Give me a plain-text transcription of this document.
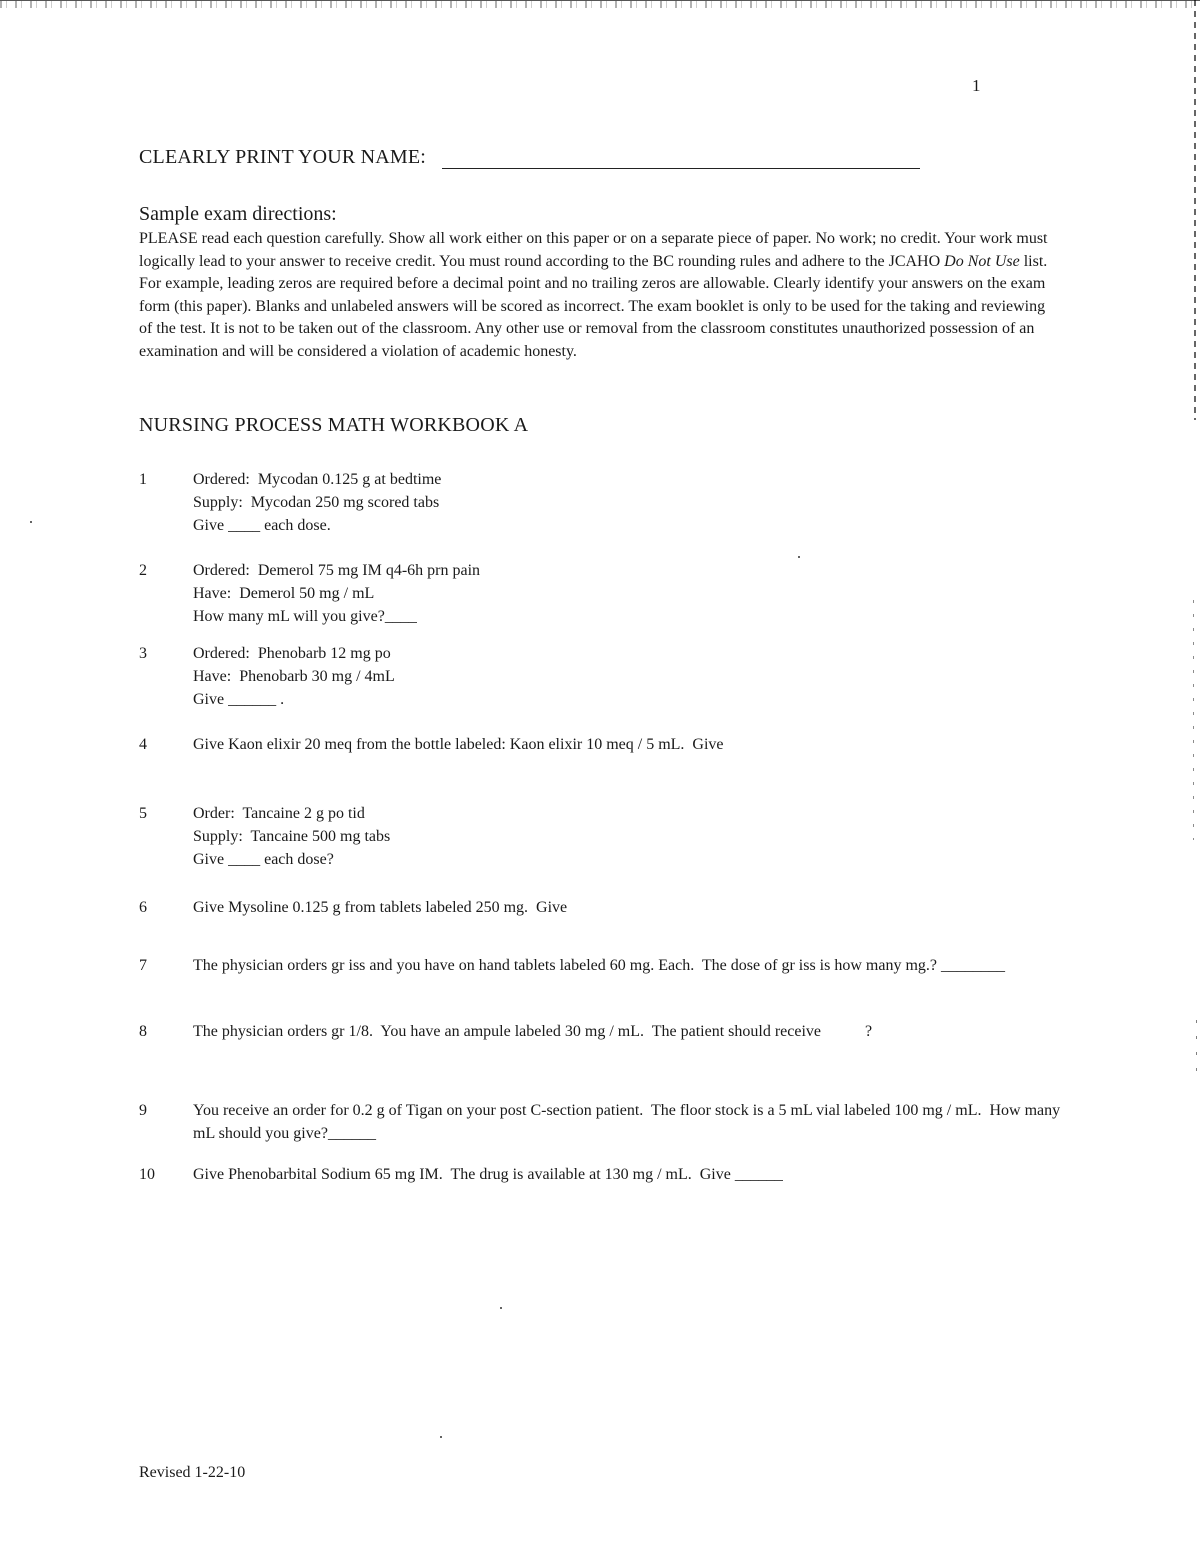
1
CLEARLY PRINT YOUR NAME:
Sample exam directions:

PLEASE read each question carefully. Show all work either on this paper or on a separate piece of paper. No work; no credit. Your work must logically lead to your answer to receive credit. You must round according to the BC rounding rules and adhere to the JCAHO Do Not Use list. For example, leading zeros are required before a decimal point and no trailing zeros are allowable. Clearly identify your answers on the exam form (this paper). Blanks and unlabeled answers will be scored as incorrect. The exam booklet is only to be used for the taking and reviewing of the test. It is not to be taken out of the classroom. Any other use or removal from the classroom constitutes unauthorized possession of an examination and will be considered a violation of academic honesty.

NURSING PROCESS MATH WORKBOOK A
1	Ordered:  Mycodan 0.125 g at bedtime
Supply:  Mycodan 250 mg scored tabs
Give ____ each dose.
2	Ordered:  Demerol 75 mg IM q4-6h prn pain
Have:  Demerol 50 mg / mL
How many mL will you give?____
3	Ordered:  Phenobarb 12 mg po
Have:  Phenobarb 30 mg / 4mL
Give ______ .
4	Give Kaon elixir 20 meq from the bottle labeled: Kaon elixir 10 meq / 5 mL.  Give
5	Order:  Tancaine 2 g po tid
Supply:  Tancaine 500 mg tabs
Give ____ each dose?
6	Give Mysoline 0.125 g from tablets labeled 250 mg.  Give
7	The physician orders gr iss and you have on hand tablets labeled 60 mg. Each.  The dose of gr iss is how many mg.? ________
8	The physician orders gr 1/8.  You have an ampule labeled 30 mg / mL.  The patient should receive           ?
9	You receive an order for 0.2 g of Tigan on your post C-section patient.  The floor stock is a 5 mL vial labeled 100 mg / mL.  How many mL should you give?______
10	Give Phenobarbital Sodium 65 mg IM.  The drug is available at 130 mg / mL.  Give ______
Revised 1-22-10
